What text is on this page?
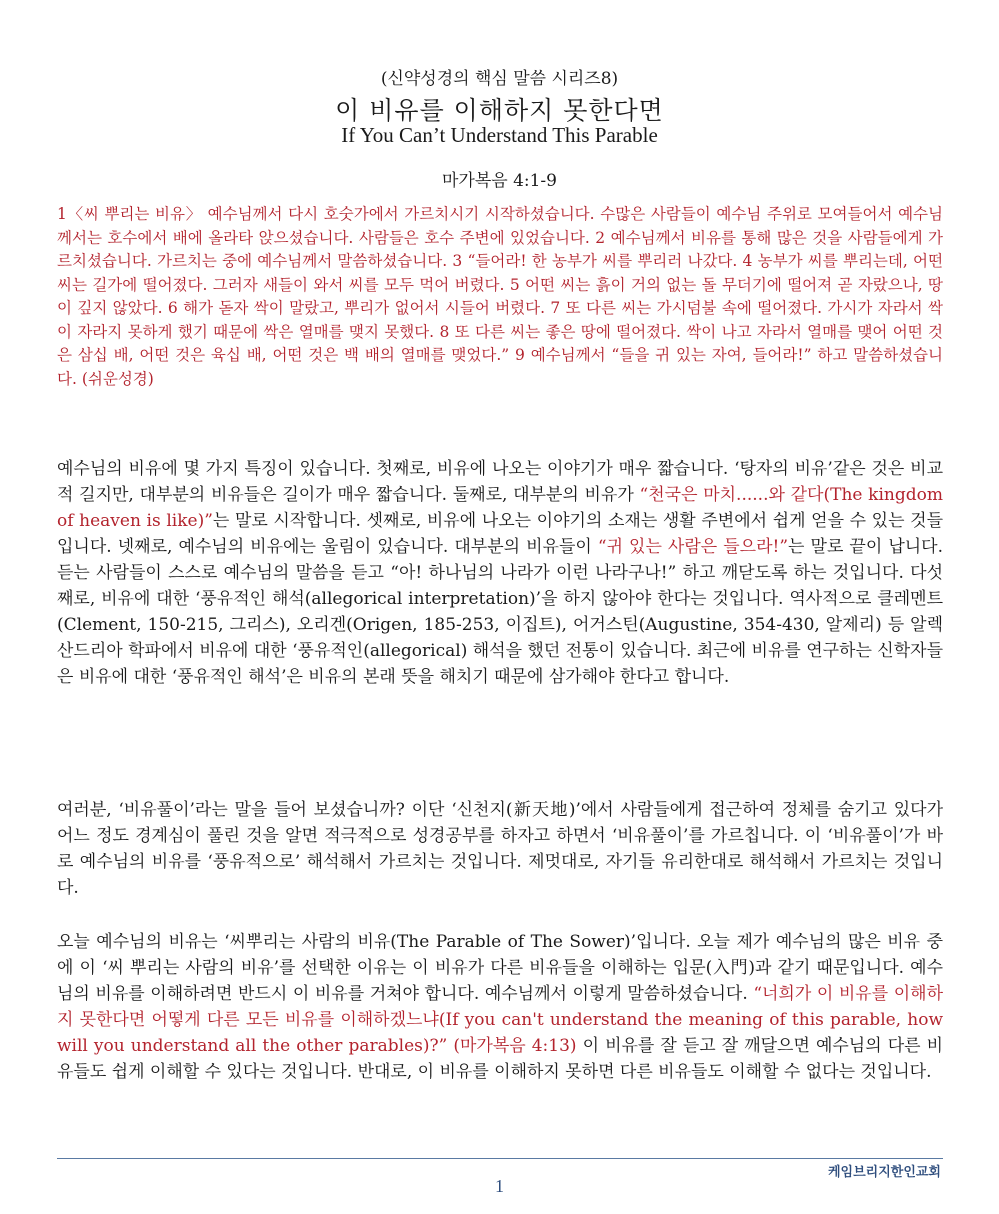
(신약성경의 핵심 말씀 시리즈8)
이 비유를 이해하지 못한다면
If You Can’t Understand This Parable
마가복음 4:1-9
1〈씨 뿌리는 비유〉 예수님께서 다시 호숫가에서 가르치시기 시작하셨습니다. 수많은 사람들이 예수님 주위로 모여들어서 예수님께서는 호수에서 배에 올라타 앉으셨습니다. 사람들은 호수 주변에 있었습니다. 2 예수님께서 비유를 통해 많은 것을 사람들에게 가르치셨습니다. 가르치는 중에 예수님께서 말씀하셨습니다. 3 “들어라! 한 농부가 씨를 뿌리러 나갔다. 4 농부가 씨를 뿌리는데, 어떤 씨는 길가에 떨어졌다. 그러자 새들이 와서 씨를 모두 먹어 버렸다. 5 어떤 씨는 흙이 거의 없는 돌 무더기에 떨어져 곧 자랐으나, 땅이 깊지 않았다. 6 해가 돋자 싹이 말랐고, 뿌리가 없어서 시들어 버렸다. 7 또 다른 씨는 가시덤불 속에 떨어졌다. 가시가 자라서 싹이 자라지 못하게 했기 때문에 싹은 열매를 맺지 못했다. 8 또 다른 씨는 좋은 땅에 떨어졌다. 싹이 나고 자라서 열매를 맺어 어떤 것은 삼십 배, 어떤 것은 육십 배, 어떤 것은 백 배의 열매를 맺었다.” 9 예수님께서 “들을 귀 있는 자여, 들어라!” 하고 말씀하셨습니다. (쉬운성경)
예수님의 비유에 몇 가지 특징이 있습니다. 첫째로, 비유에 나오는 이야기가 매우 짧습니다. ‘탕자의 비유’같은 것은 비교적 길지만, 대부분의 비유들은 길이가 매우 짧습니다. 둘째로, 대부분의 비유가 “천국은 마치......와 같다(The kingdom of heaven is like)”는 말로 시작합니다. 셋째로, 비유에 나오는 이야기의 소재는 생활 주변에서 쉽게 얻을 수 있는 것들입니다. 넷째로, 예수님의 비유에는 울림이 있습니다. 대부분의 비유들이 “귀 있는 사람은 들으라!”는 말로 끝이 납니다. 듣는 사람들이 스스로 예수님의 말씀을 듣고 “아! 하나님의 나라가 이런 나라구나!” 하고 깨닫도록 하는 것입니다. 다섯째로, 비유에 대한 ‘풍유적인 해석(allegorical interpretation)’을 하지 않아야 한다는 것입니다. 역사적으로 클레멘트(Clement, 150-215, 그리스), 오리겐(Origen, 185-253, 이집트), 어거스틴(Augustine, 354-430, 알제리) 등 알렉산드리아 학파에서 비유에 대한 ‘풍유적인(allegorical) 해석을 했던 전통이 있습니다. 최근에 비유를 연구하는 신학자들은 비유에 대한 ‘풍유적인 해석’은 비유의 본래 뜻을 해치기 때문에 삼가해야 한다고 합니다.
여러분, ‘비유풀이’라는 말을 들어 보셨습니까? 이단 ‘신천지(新天地)’에서 사람들에게 접근하여 정체를 숨기고 있다가 어느 정도 경계심이 풀린 것을 알면 적극적으로 성경공부를 하자고 하면서 ‘비유풀이’를 가르칩니다. 이 ‘비유풀이’가 바로 예수님의 비유를 ‘풍유적으로’ 해석해서 가르치는 것입니다. 제멋대로, 자기들 유리한대로 해석해서 가르치는 것입니다.
오늘 예수님의 비유는 ‘씨뿌리는 사람의 비유(The Parable of The Sower)’입니다. 오늘 제가 예수님의 많은 비유 중에 이 ‘씨 뿌리는 사람의 비유’를 선택한 이유는 이 비유가 다른 비유들을 이해하는 입문(入門)과 같기 때문입니다. 예수님의 비유를 이해하려면 반드시 이 비유를 거쳐야 합니다. 예수님께서 이렇게 말씀하셨습니다. “너희가 이 비유를 이해하지 못한다면 어떻게 다른 모든 비유를 이해하겠느냐(If you can't understand the meaning of this parable, how will you understand all the other parables)?” (마가복음 4:13) 이 비유를 잘 듣고 잘 깨달으면 예수님의 다른 비유들도 쉽게 이해할 수 있다는 것입니다. 반대로, 이 비유를 이해하지 못하면 다른 비유들도 이해할 수 없다는 것입니다.
케임브리지한인교회
1
